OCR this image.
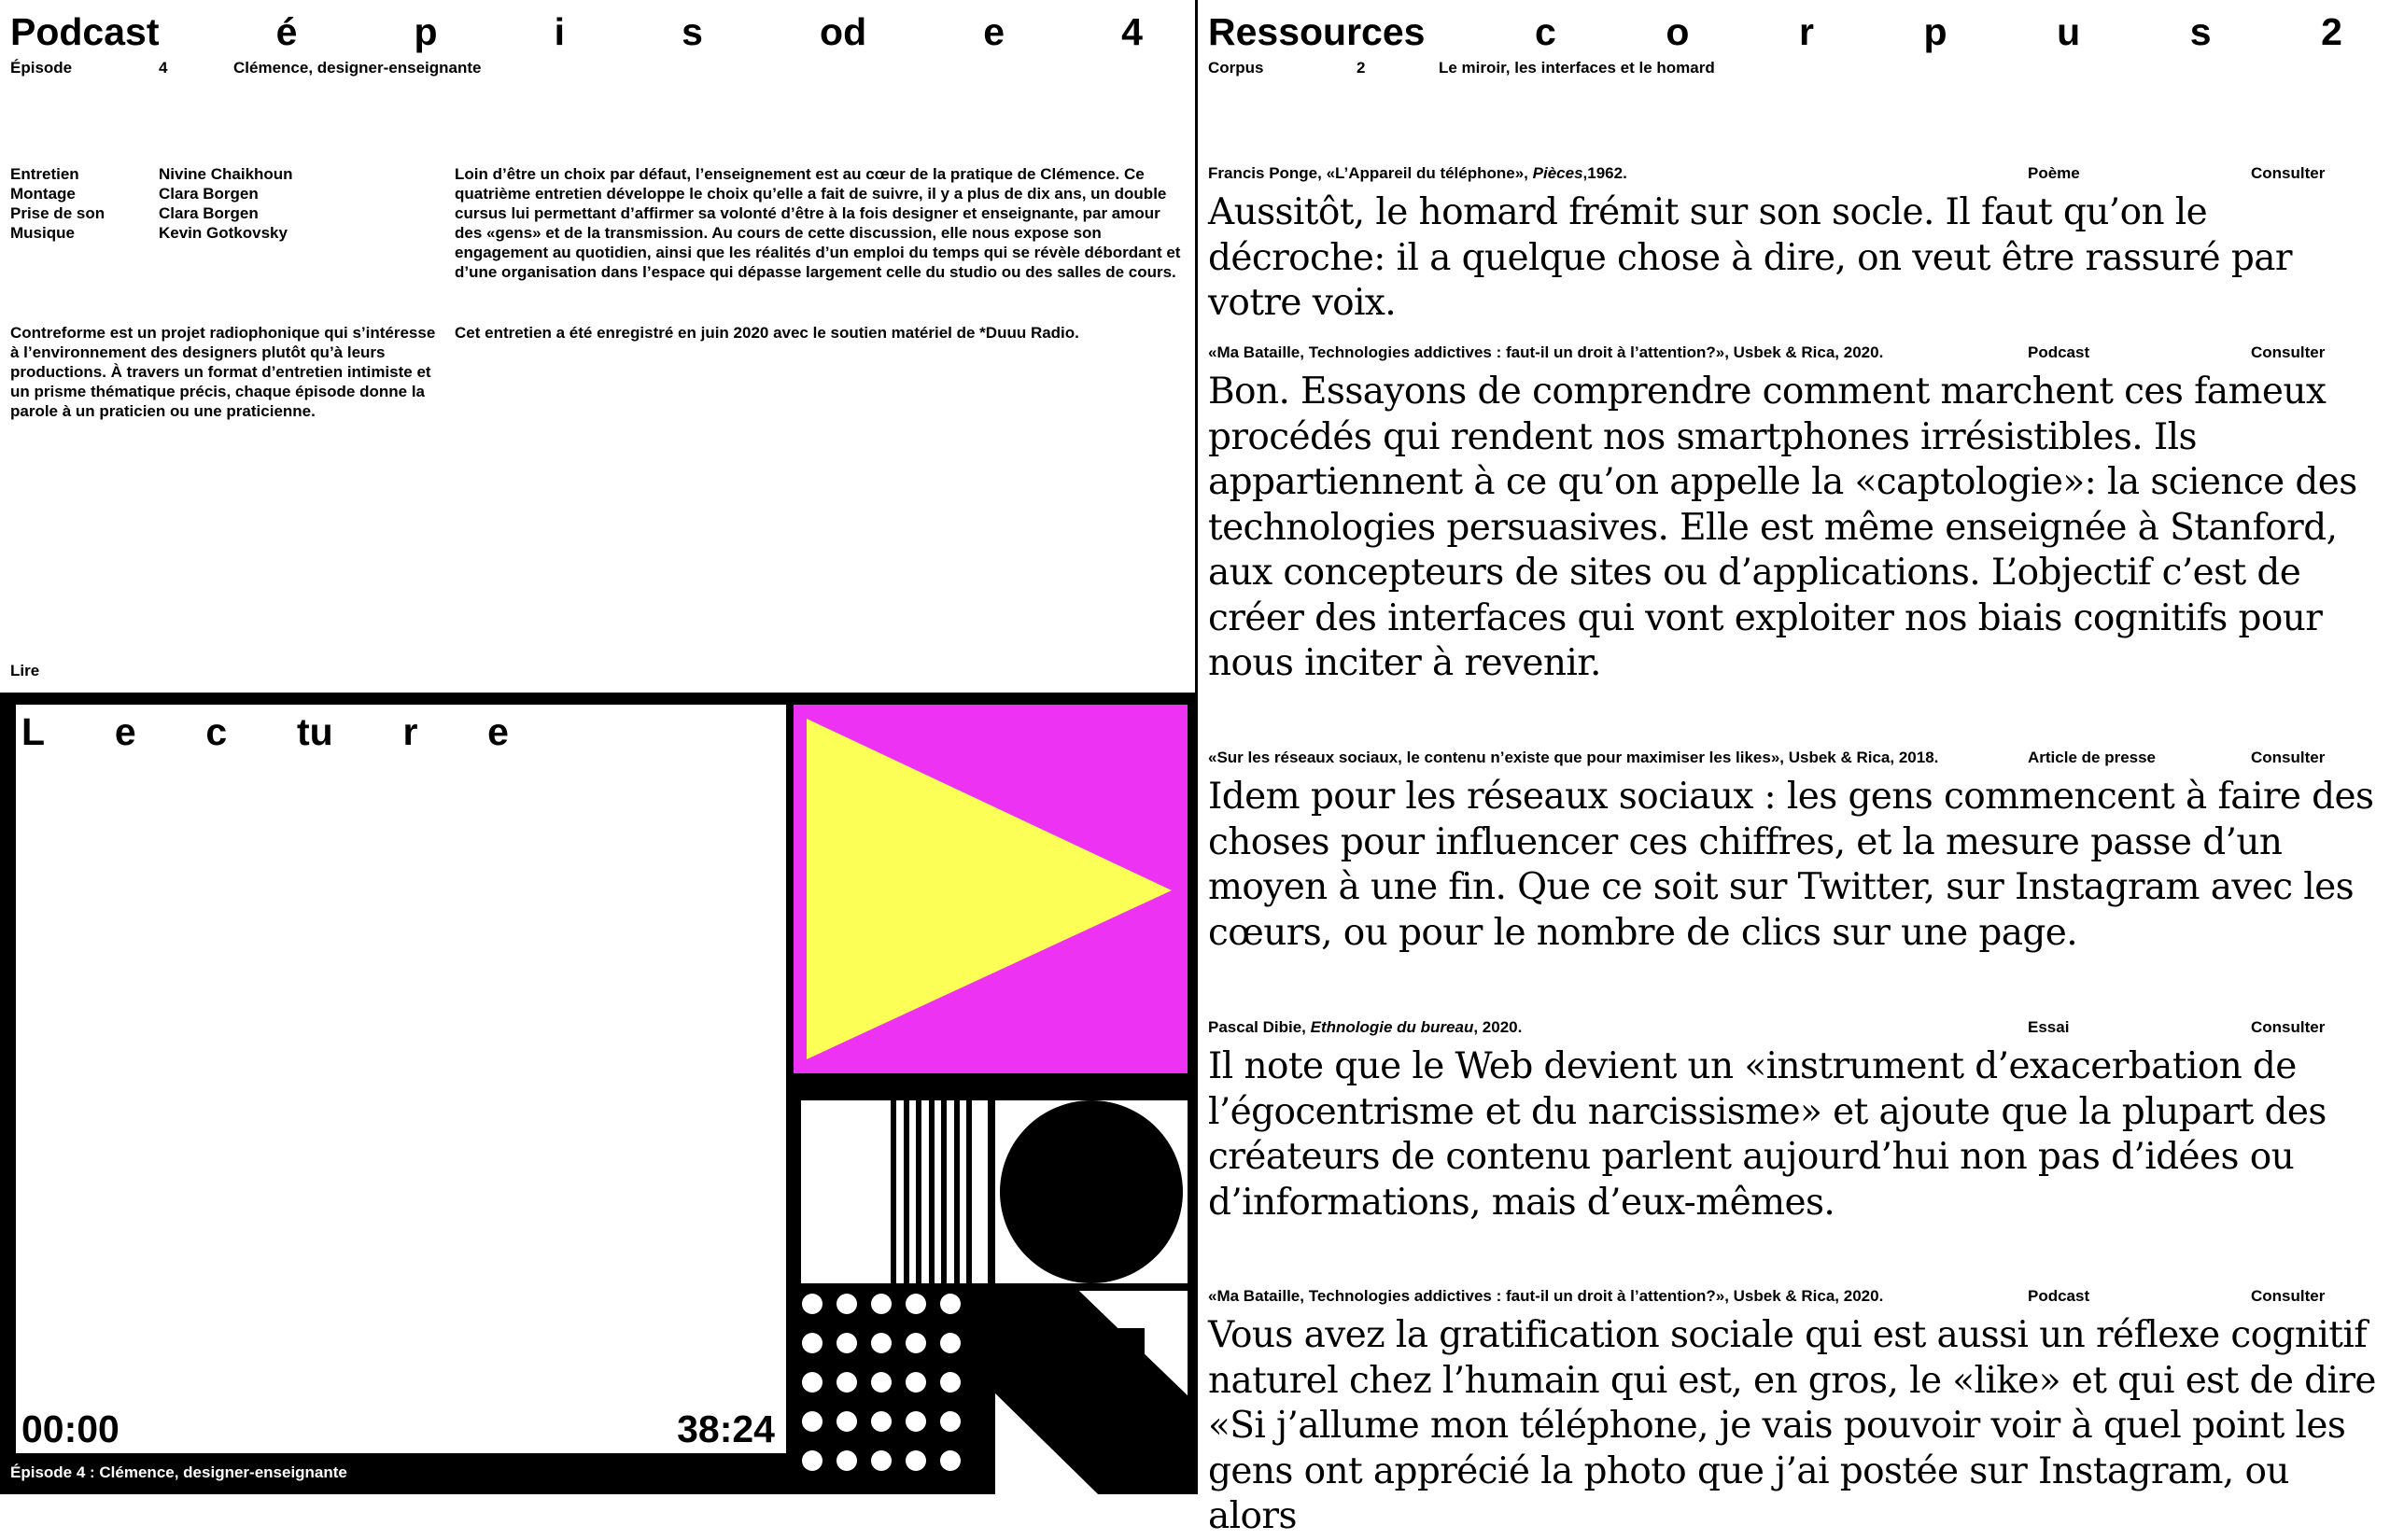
Podcast	é	p	i	s	od	e	4
Épisode	4	Clémence, designer-enseignante
Entretien	Nivine Chaikhoun
Montage	Clara Borgen
Prise de son	Clara Borgen
Musique	Kevin Gotkovsky

Loin d’être un choix par défaut, l’enseignement est au cœur de la pratique de Clémence. Ce quatrième entretien développe le choix qu’elle a fait de suivre, il y a plus de dix ans, un double cursus lui permettant d’affirmer sa volonté d’être à la fois designer et enseignante, par amour des «gens» et de la transmission. Au cours de cette discussion, elle nous expose son engagement au quotidien, ainsi que les réalités d’un emploi du temps qui se révèle débordant et d’une organisation dans l’espace qui dépasse largement celle du studio ou des salles de cours.

Contreforme est un projet radiophonique qui s’intéresse à l’environnement des designers plutôt qu’à leurs productions. À travers un format d’entretien intimiste et un prisme thématique précis, chaque épisode donne la parole à un praticien ou une praticienne.

Cet entretien a été enregistré en juin 2020 avec le soutien matériel de *Duuu Radio.

Lire
L e c tu r e
00:00	38:24
Épisode 4 : Clémence, designer-enseignante
Ressources	c	o	r	p	u	s	2
Corpus	2	Le miroir, les interfaces et le homard
Francis Ponge, «L’Appareil du téléphone», Pièces,1962.	Poème	Consulter

Aussitôt, le homard frémit sur son socle. Il faut qu’on le décroche: il a quelque chose à dire, on veut être rassuré par votre voix.

«Ma Bataille, Technologies addictives : faut-il un droit à l’attention?», Usbek & Rica, 2020.	Podcast	Consulter

Bon. Essayons de comprendre comment marchent ces fameux procédés qui rendent nos smartphones irrésistibles. Ils appartiennent à ce qu’on appelle la «captologie»: la science des technologies persuasives. Elle est même enseignée à Stanford, aux concepteurs de sites ou d’applications. L’objectif c’est de créer des interfaces qui vont exploiter nos biais cognitifs pour nous inciter à revenir.

«Sur les réseaux sociaux, le contenu n’existe que pour maximiser les likes», Usbek & Rica, 2018.	Article de presse	Consulter

Idem pour les réseaux sociaux : les gens commencent à faire des choses pour influencer ces chiffres, et la mesure passe d’un moyen à une fin. Que ce soit sur Twitter, sur Instagram avec les cœurs, ou pour le nombre de clics sur une page.

Pascal Dibie, Ethnologie du bureau, 2020.	Essai	Consulter

Il note que le Web devient un «instrument d’exacerbation de l’égocentrisme et du narcissisme» et ajoute que la plupart des créateurs de contenu parlent aujourd’hui non pas d’idées ou d’informations, mais d’eux-mêmes.

«Ma Bataille, Technologies addictives : faut-il un droit à l’attention?», Usbek & Rica, 2020.	Podcast	Consulter

Vous avez la gratification sociale qui est aussi un réflexe cognitif naturel chez l’humain qui est, en gros, le «like» et qui est de dire «Si j’allume mon téléphone, je vais pouvoir voir à quel point les gens ont apprécié la photo que j’ai postée sur Instagram, ou alors
